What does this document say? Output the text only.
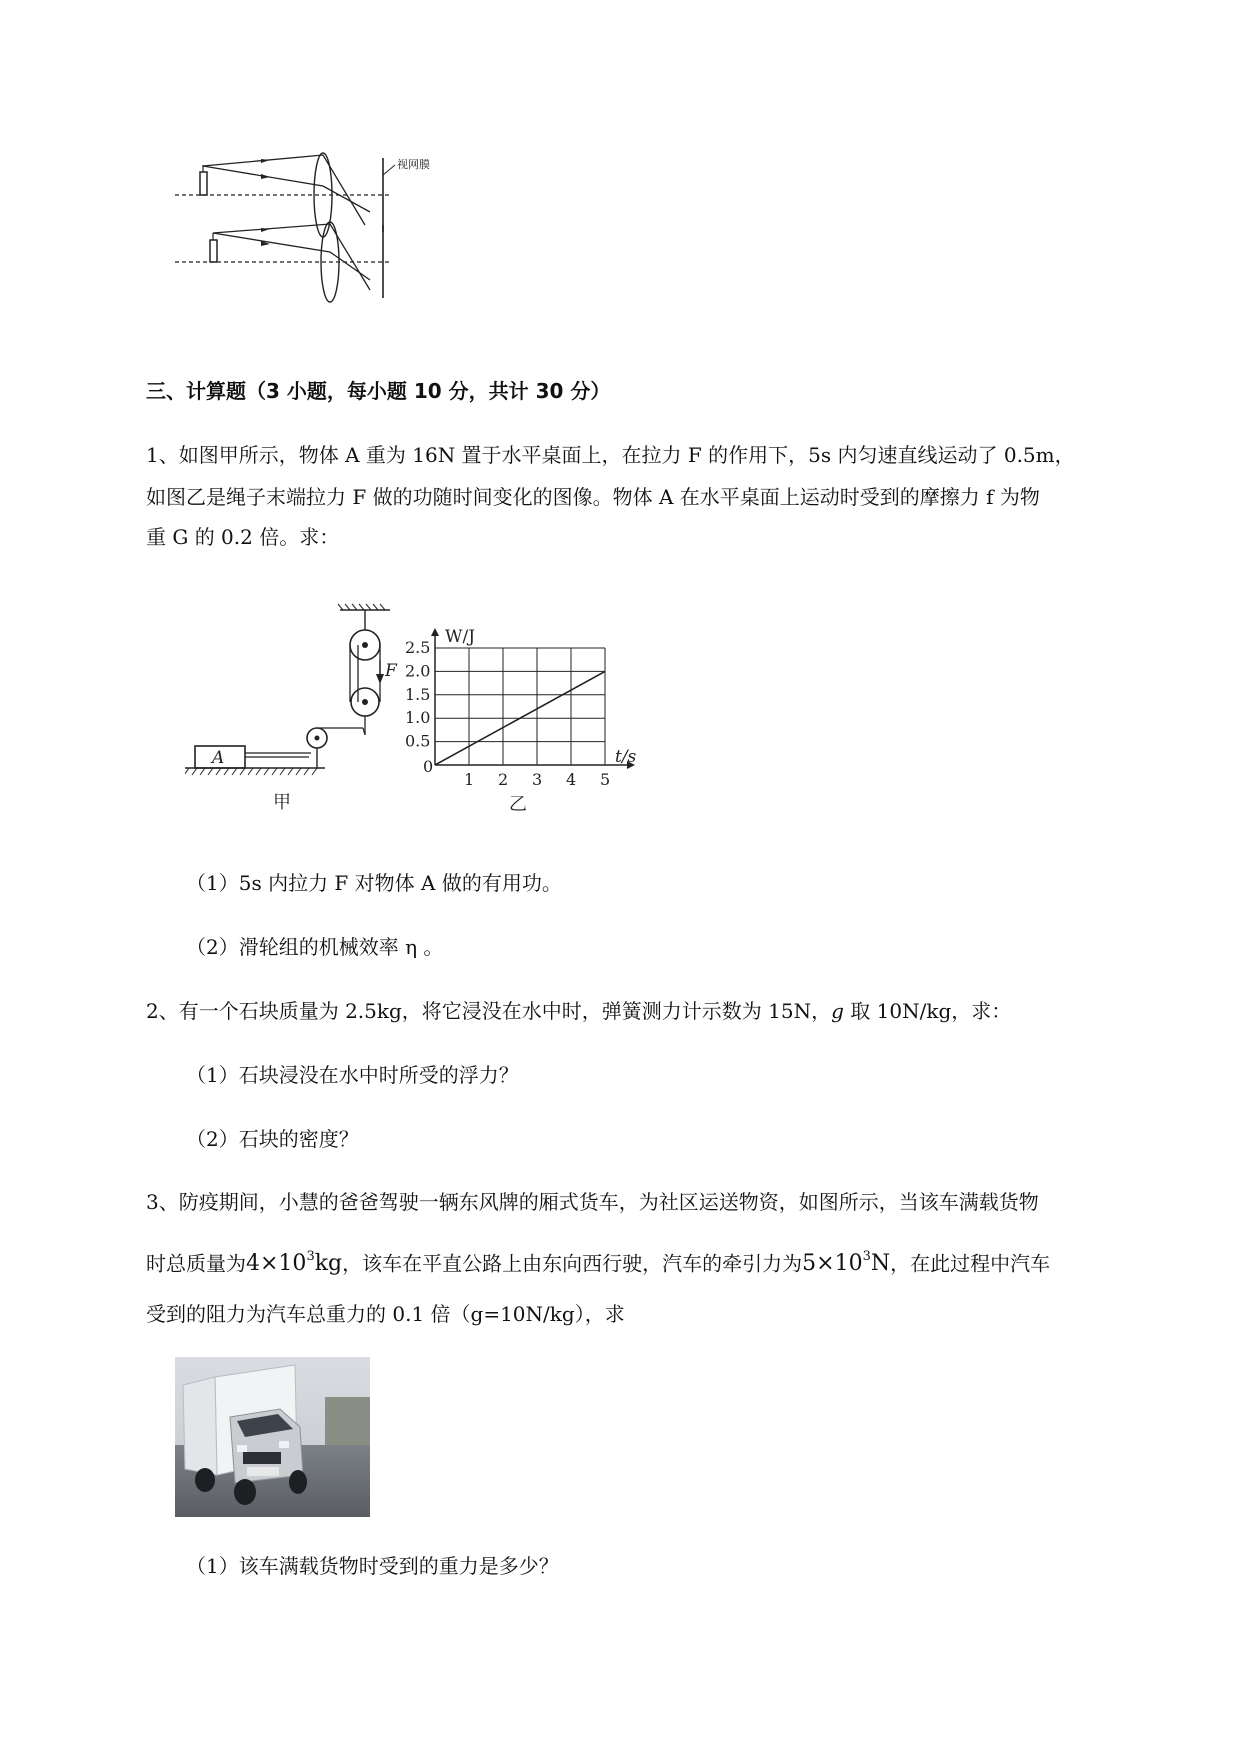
视网膜
三、计算题（3 小题，每小题 10 分，共计 30 分）
1、如图甲所示，物体 A 重为 16N 置于水平桌面上，在拉力 F 的作用下，5s 内匀速直线运动了 0.5m，
如图乙是绳子末端拉力 F 做的功随时间变化的图像。物体 A 在水平桌面上运动时受到的摩擦力 f 为物
重 G 的 0.2 倍。求：
F
A
甲
1 2 3 4 5
0.5
1.0
1.5
2.0
2.5
W/J
t/s
0
乙
（1）5s 内拉力 F 对物体 A 做的有用功。
（2）滑轮组的机械效率 η 。
2、有一个石块质量为 2.5kg，将它浸没在水中时，弹簧测力计示数为 15N，g 取 10N/kg，求：
（1）石块浸没在水中时所受的浮力？
（2）石块的密度？
3、防疫期间，小慧的爸爸驾驶一辆东风牌的厢式货车，为社区运送物资，如图所示，当该车满载货物
时总质量为$4\times 10^3kg$，该车在平直公路上由东向西行驶，汽车的牵引力为$5\times 10^3N$，在此过程中汽车
受到的阻力为汽车总重力的 0.1 倍（g=10N/kg），求
（1）该车满载货物时受到的重力是多少？
